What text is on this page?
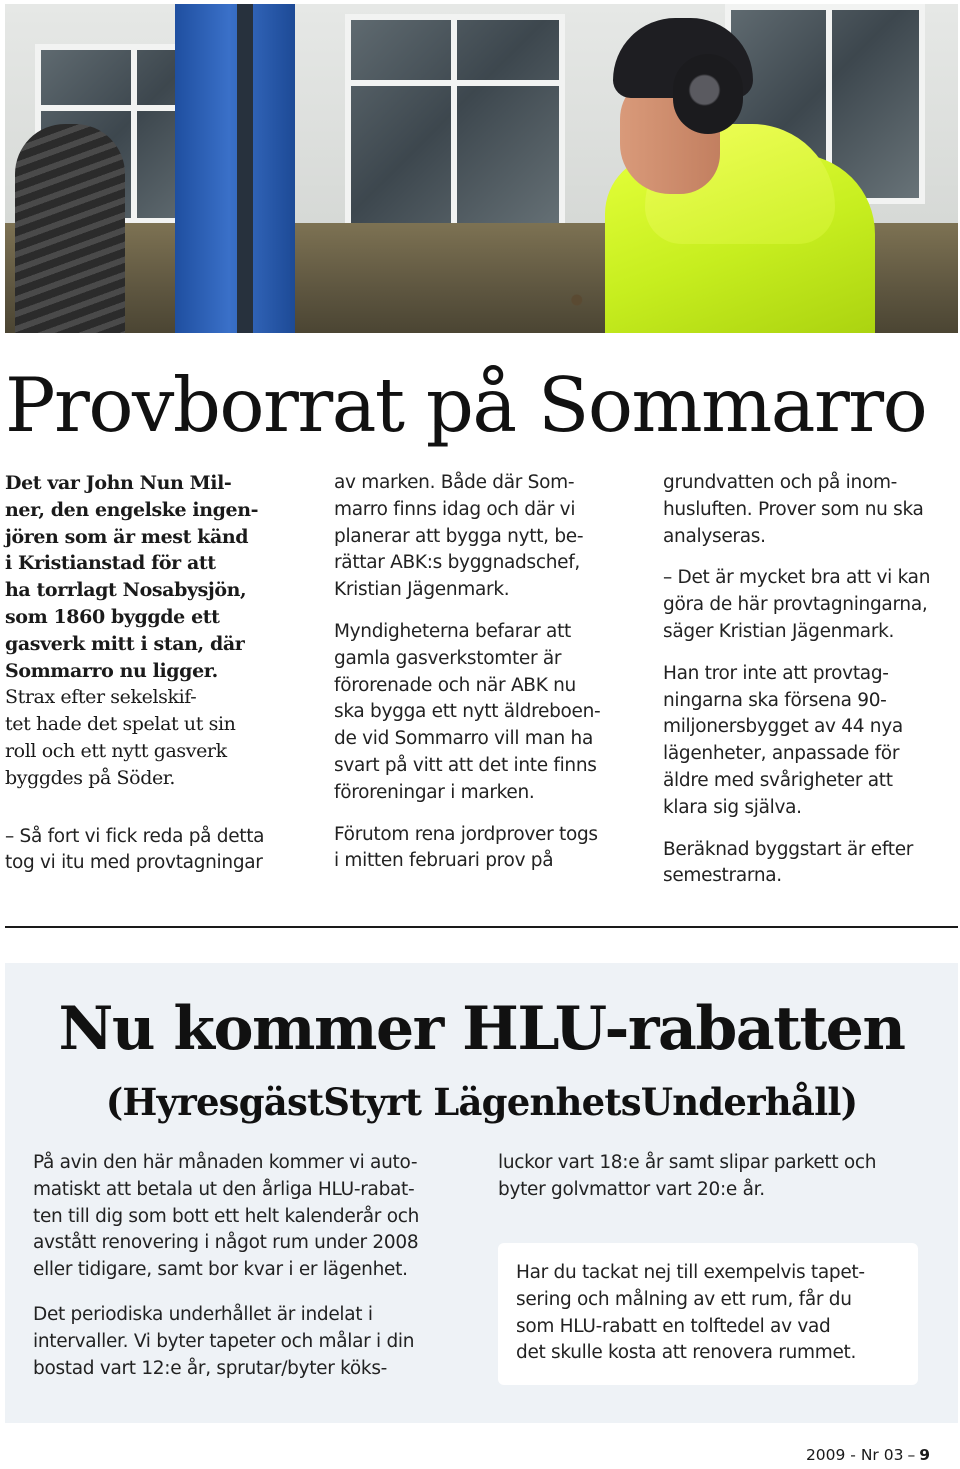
Provborrat på Sommarro

Det var John Nun Mil-
ner, den engelske ingen-
jören som är mest känd
i Kristianstad för att
ha torrlagt Nosabysjön,
som 1860 byggde ett
gasverk mitt i stan, där
Sommarro nu ligger.
Strax efter sekelskif-
tet hade det spelat ut sin
roll och ett nytt gasverk
byggdes på Söder.

– Så fort vi fick reda på detta
tog vi itu med provtagningar

av marken. Både där Som-
marro finns idag och där vi
planerar att bygga nytt, be-
rättar ABK:s byggnadschef,
Kristian Jägenmark.

Myndigheterna befarar att
gamla gasverkstomter är
förorenade och när ABK nu
ska bygga ett nytt äldreboen-
de vid Sommarro vill man ha
svart på vitt att det inte finns
föroreningar i marken.

Förutom rena jordprover togs
i mitten februari prov på

grundvatten och på inom-
husluften. Prover som nu ska
analyseras.

– Det är mycket bra att vi kan
göra de här provtagningarna,
säger Kristian Jägenmark.

Han tror inte att provtag-
ningarna ska försena 90-
miljonersbygget av 44 nya
lägenheter, anpassade för
äldre med svårigheter att
klara sig själva.

Beräknad byggstart är efter
semestrarna.

Nu kommer HLU-rabatten
(HyresgästStyrt LägenhetsUnderhåll)

På avin den här månaden kommer vi auto-
matiskt att betala ut den årliga HLU-rabat-
ten till dig som bott ett helt kalenderår och
avstått renovering i något rum under 2008
eller tidigare, samt bor kvar i er lägenhet.

Det periodiska underhållet är indelat i
intervaller. Vi byter tapeter och målar i din
bostad vart 12:e år, sprutar/byter köks-

luckor vart 18:e år samt slipar parkett och
byter golvmattor vart 20:e år.

Har du tackat nej till exempelvis tapet-
sering och målning av ett rum, får du
som HLU-rabatt en tolftedel av vad
det skulle kosta att renovera rummet.

2009 - Nr 03 – 9
